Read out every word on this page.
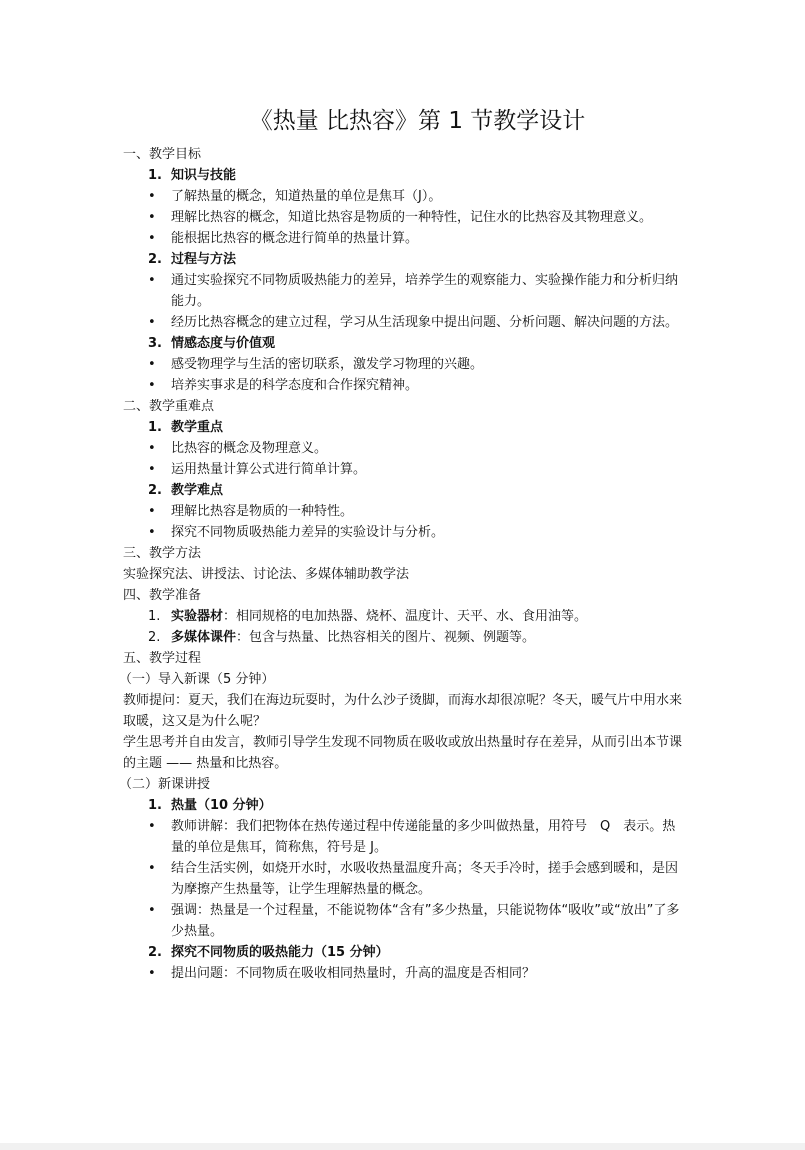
《热量 比热容》第 1 节教学设计
一、教学目标
1. 知识与技能
• 了解热量的概念，知道热量的单位是焦耳（J）。
• 理解比热容的概念，知道比热容是物质的一种特性，记住水的比热容及其物理意义。
• 能根据比热容的概念进行简单的热量计算。
2. 过程与方法
• 通过实验探究不同物质吸热能力的差异，培养学生的观察能力、实验操作能力和分析归纳能力。
• 经历比热容概念的建立过程，学习从生活现象中提出问题、分析问题、解决问题的方法。
3. 情感态度与价值观
• 感受物理学与生活的密切联系，激发学习物理的兴趣。
• 培养实事求是的科学态度和合作探究精神。
二、教学重难点
1. 教学重点
• 比热容的概念及物理意义。
• 运用热量计算公式进行简单计算。
2. 教学难点
• 理解比热容是物质的一种特性。
• 探究不同物质吸热能力差异的实验设计与分析。
三、教学方法
实验探究法、讲授法、讨论法、多媒体辅助教学法
四、教学准备
1. 实验器材：相同规格的电加热器、烧杯、温度计、天平、水、食用油等。
2. 多媒体课件：包含与热量、比热容相关的图片、视频、例题等。
五、教学过程
（一）导入新课（5 分钟）
教师提问：夏天，我们在海边玩耍时，为什么沙子烫脚，而海水却很凉呢？冬天，暖气片中用水来取暖，这又是为什么呢？
学生思考并自由发言，教师引导学生发现不同物质在吸收或放出热量时存在差异，从而引出本节课的主题 —— 热量和比热容。
（二）新课讲授
1. 热量（10 分钟）
• 教师讲解：我们把物体在热传递过程中传递能量的多少叫做热量，用符号　Q　表示。热量的单位是焦耳，简称焦，符号是 J。
• 结合生活实例，如烧开水时，水吸收热量温度升高；冬天手冷时，搓手会感到暖和，是因为摩擦产生热量等，让学生理解热量的概念。
• 强调：热量是一个过程量，不能说物体“含有”多少热量，只能说物体“吸收”或“放出”了多少热量。
2. 探究不同物质的吸热能力（15 分钟）
• 提出问题：不同物质在吸收相同热量时，升高的温度是否相同？
